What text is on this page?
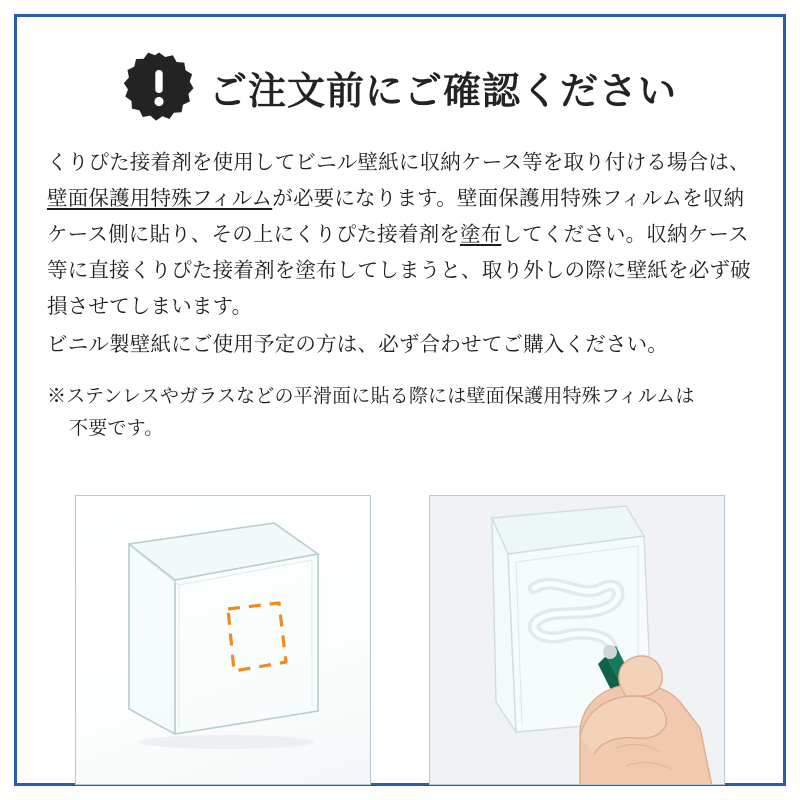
ご注文前にご確認ください

くりぴた接着剤を使用してビニル壁紙に収納ケース等を取り付ける場合は、壁面保護用特殊フィルムが必要になります。壁面保護用特殊フィルムを収納ケース側に貼り、その上にくりぴた接着剤を塗布してください。収納ケース等に直接くりぴた接着剤を塗布してしまうと、取り外しの際に壁紙を必ず破損させてしまいます。

ビニル製壁紙にご使用予定の方は、必ず合わせてご購入ください。

※ステンレスやガラスなどの平滑面に貼る際には壁面保護用特殊フィルムは
不要です。
